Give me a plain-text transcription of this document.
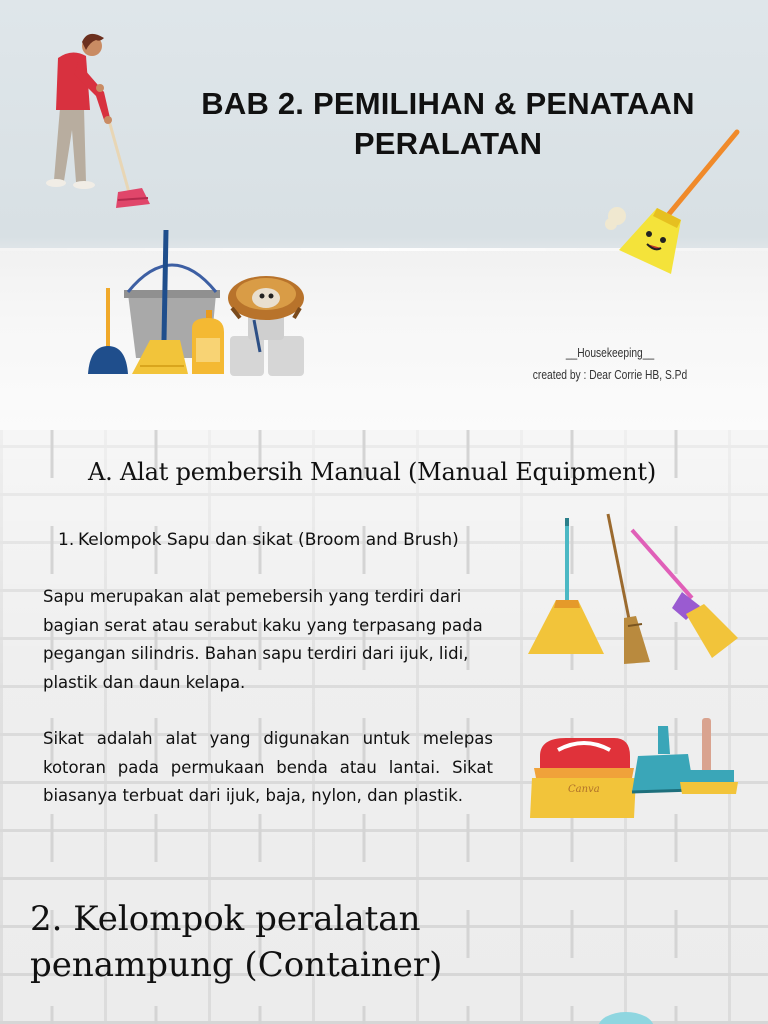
BAB 2. PEMILIHAN & PENATAAN
PERALATAN
__Housekeeping__
created by : Dear Corrie HB, S.Pd
A. Alat pembersih Manual (Manual Equipment)
1. Kelompok Sapu dan sikat (Broom and Brush)
Sapu merupakan alat pemebersih yang terdiri dari bagian serat atau serabut kaku yang terpasang pada pegangan silindris. Bahan sapu terdiri dari ijuk, lidi, plastik dan daun kelapa.
Sikat adalah alat yang digunakan untuk melepas kotoran pada permukaan benda atau lantai. Sikat biasanya terbuat dari ijuk, baja, nylon, dan plastik.	Canva
2. Kelompok peralatan
penampung (Container)
